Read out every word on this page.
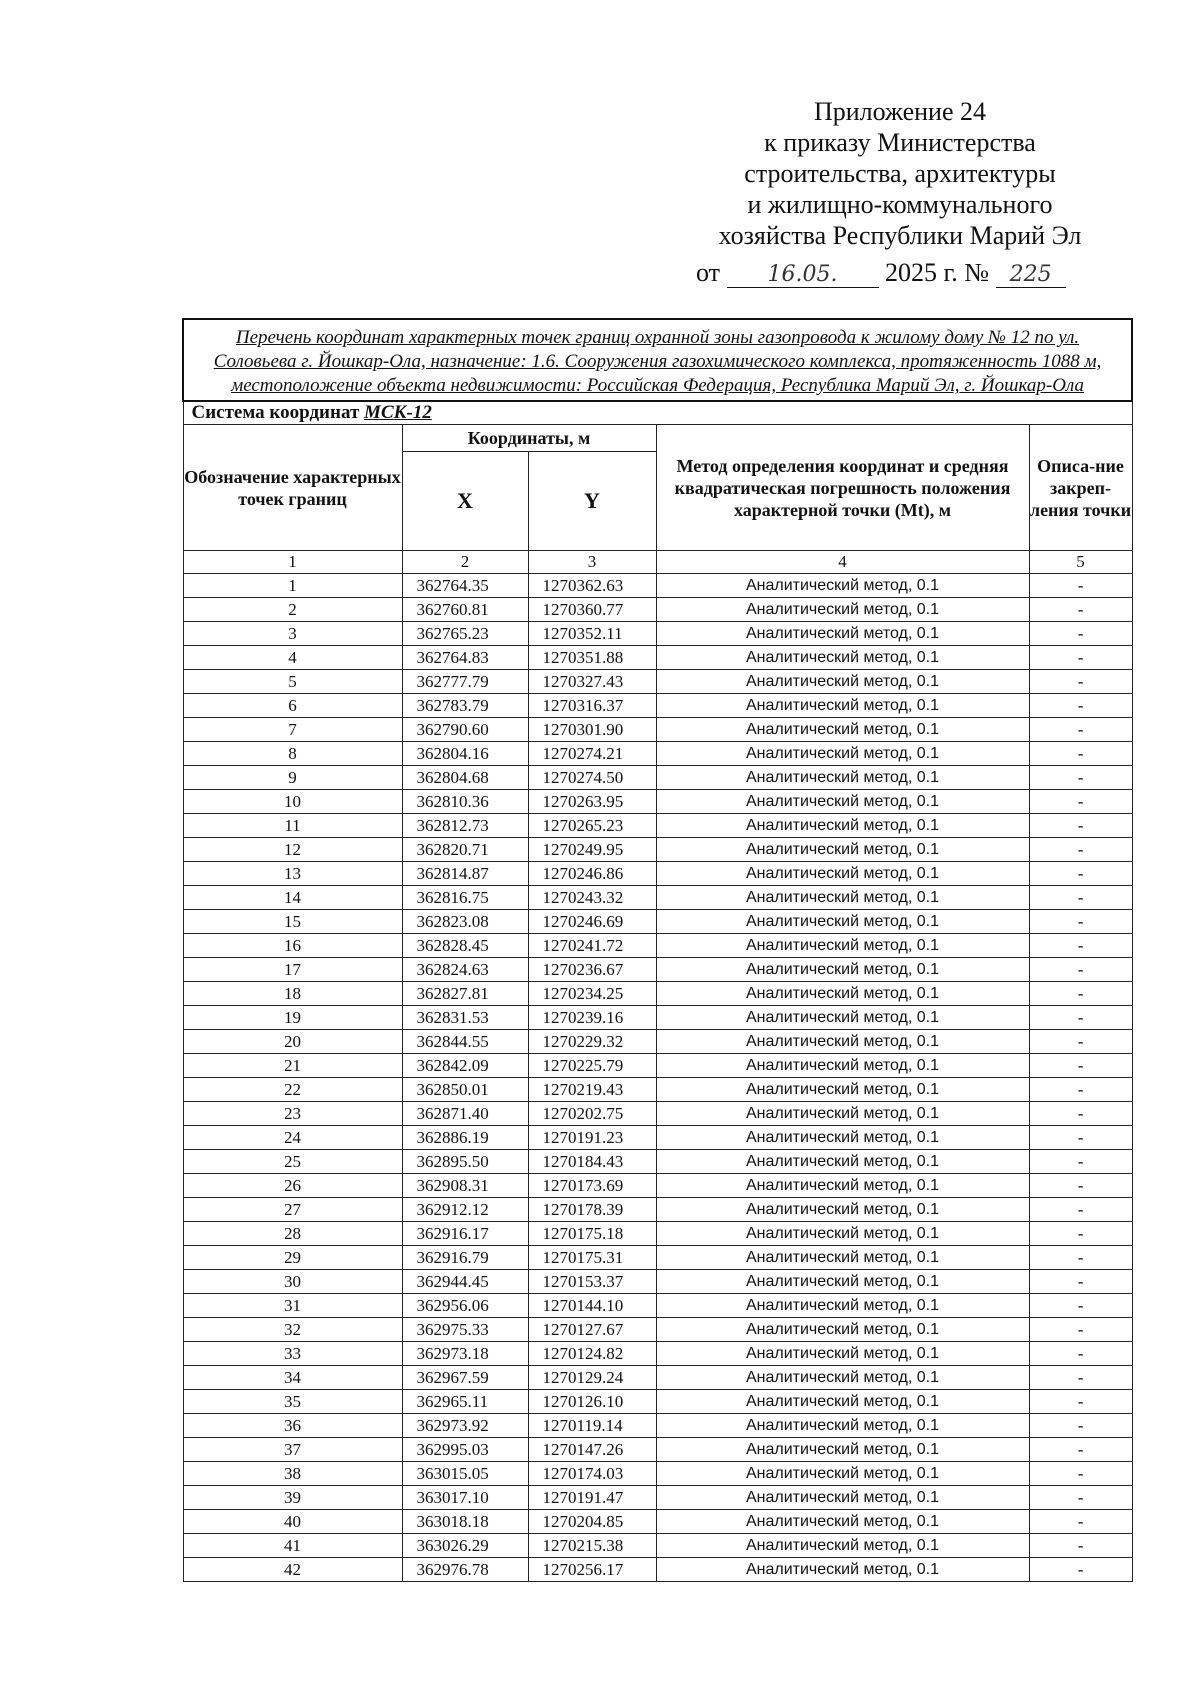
Приложение 24
к приказу Министерства
строительства, архитектуры
и жилищно-коммунального
хозяйства Республики Марий Эл
от 16.05. 2025 г. № 225
Перечень координат характерных точек границ охранной зоны газопровода к жилому дому № 12 по ул. Соловьева г. Йошкар-Ола, назначение: 1.6. Сооружения газохимического комплекса, протяженность 1088 м, местоположение объекта недвижимости: Российская Федерация, Республика Марий Эл, г. Йошкар-Ола				
Система координат МСК-12				
Обозначение характерных точек границ	Координаты, м		Метод определения координат и средняя квадратическая погрешность положения характерной точки (Mt), м	Описа-ние закреп-ления точки
	X	Y		
1	2	3	4	5
1	362764.35	1270362.63	Аналитический метод, 0.1	-
2	362760.81	1270360.77	Аналитический метод, 0.1	-
3	362765.23	1270352.11	Аналитический метод, 0.1	-
4	362764.83	1270351.88	Аналитический метод, 0.1	-
5	362777.79	1270327.43	Аналитический метод, 0.1	-
6	362783.79	1270316.37	Аналитический метод, 0.1	-
7	362790.60	1270301.90	Аналитический метод, 0.1	-
8	362804.16	1270274.21	Аналитический метод, 0.1	-
9	362804.68	1270274.50	Аналитический метод, 0.1	-
10	362810.36	1270263.95	Аналитический метод, 0.1	-
11	362812.73	1270265.23	Аналитический метод, 0.1	-
12	362820.71	1270249.95	Аналитический метод, 0.1	-
13	362814.87	1270246.86	Аналитический метод, 0.1	-
14	362816.75	1270243.32	Аналитический метод, 0.1	-
15	362823.08	1270246.69	Аналитический метод, 0.1	-
16	362828.45	1270241.72	Аналитический метод, 0.1	-
17	362824.63	1270236.67	Аналитический метод, 0.1	-
18	362827.81	1270234.25	Аналитический метод, 0.1	-
19	362831.53	1270239.16	Аналитический метод, 0.1	-
20	362844.55	1270229.32	Аналитический метод, 0.1	-
21	362842.09	1270225.79	Аналитический метод, 0.1	-
22	362850.01	1270219.43	Аналитический метод, 0.1	-
23	362871.40	1270202.75	Аналитический метод, 0.1	-
24	362886.19	1270191.23	Аналитический метод, 0.1	-
25	362895.50	1270184.43	Аналитический метод, 0.1	-
26	362908.31	1270173.69	Аналитический метод, 0.1	-
27	362912.12	1270178.39	Аналитический метод, 0.1	-
28	362916.17	1270175.18	Аналитический метод, 0.1	-
29	362916.79	1270175.31	Аналитический метод, 0.1	-
30	362944.45	1270153.37	Аналитический метод, 0.1	-
31	362956.06	1270144.10	Аналитический метод, 0.1	-
32	362975.33	1270127.67	Аналитический метод, 0.1	-
33	362973.18	1270124.82	Аналитический метод, 0.1	-
34	362967.59	1270129.24	Аналитический метод, 0.1	-
35	362965.11	1270126.10	Аналитический метод, 0.1	-
36	362973.92	1270119.14	Аналитический метод, 0.1	-
37	362995.03	1270147.26	Аналитический метод, 0.1	-
38	363015.05	1270174.03	Аналитический метод, 0.1	-
39	363017.10	1270191.47	Аналитический метод, 0.1	-
40	363018.18	1270204.85	Аналитический метод, 0.1	-
41	363026.29	1270215.38	Аналитический метод, 0.1	-
42	362976.78	1270256.17	Аналитический метод, 0.1	-
